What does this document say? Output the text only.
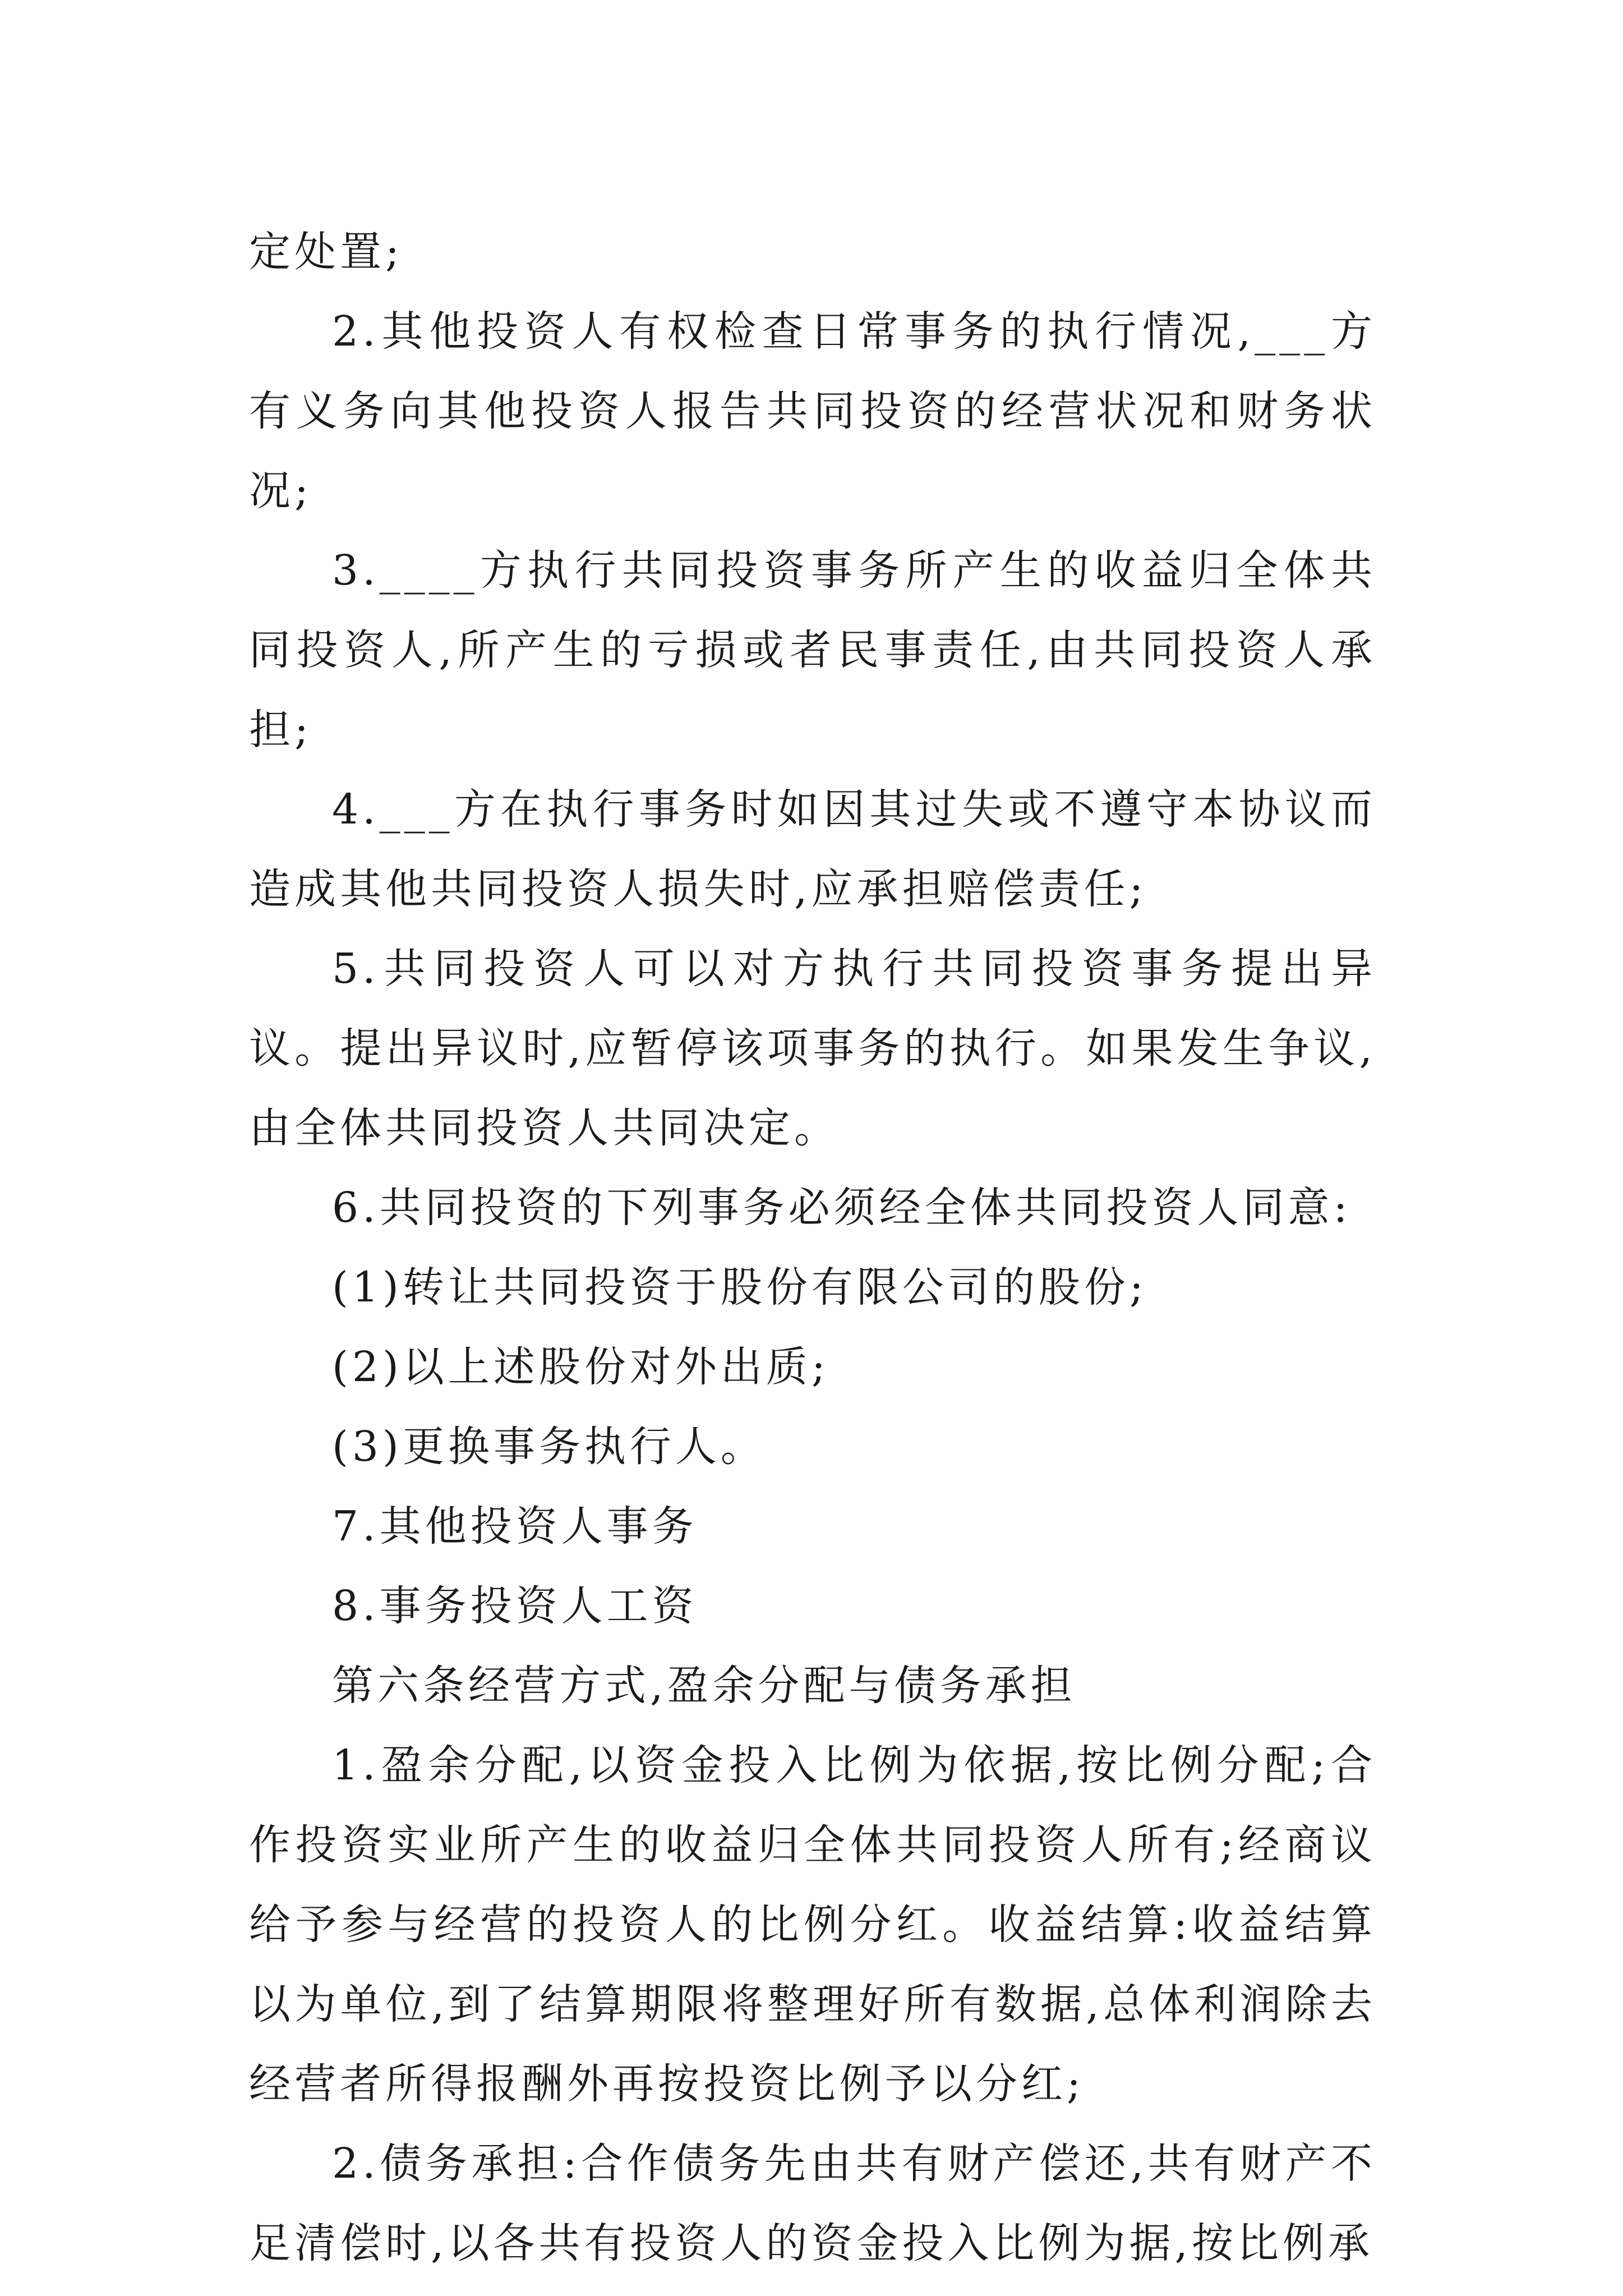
定处置;

2.其他投资人有权检查日常事务的执行情况,___方有义务向其他投资人报告共同投资的经营状况和财务状况;

3.____方执行共同投资事务所产生的收益归全体共同投资人,所产生的亏损或者民事责任,由共同投资人承担;

4.___方在执行事务时如因其过失或不遵守本协议而造成其他共同投资人损失时,应承担赔偿责任;

5.共同投资人可以对方执行共同投资事务提出异议。提出异议时,应暂停该项事务的执行。如果发生争议,由全体共同投资人共同决定。

6.共同投资的下列事务必须经全体共同投资人同意:

(1)转让共同投资于股份有限公司的股份;

(2)以上述股份对外出质;

(3)更换事务执行人。

7.其他投资人事务

8.事务投资人工资

第六条经营方式,盈余分配与债务承担

1.盈余分配,以资金投入比例为依据,按比例分配;合作投资实业所产生的收益归全体共同投资人所有;经商议给予参与经营的投资人的比例分红。收益结算:收益结算以为单位,到了结算期限将整理好所有数据,总体利润除去经营者所得报酬外再按投资比例予以分红;

2.债务承担:合作债务先由共有财产偿还,共有财产不足清偿时,以各共有投资人的资金投入比例为据,按比例承
